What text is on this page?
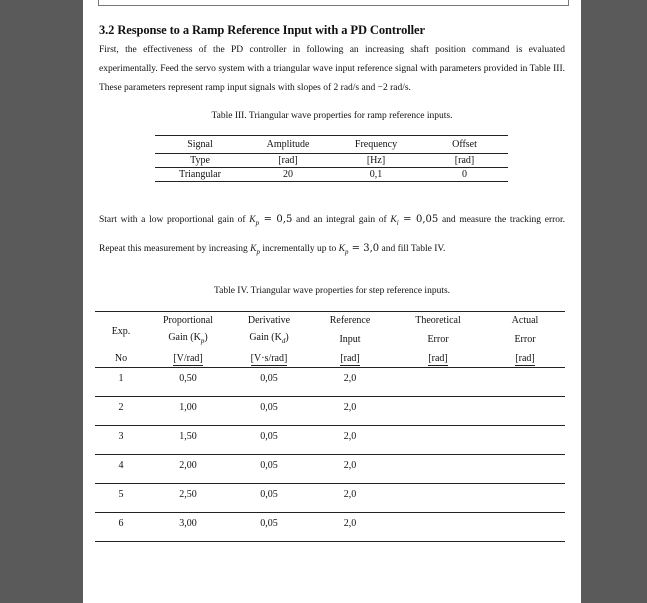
3.2 Response to a Ramp Reference Input with a PD Controller

First, the effectiveness of the PD controller in following an increasing shaft position command is evaluated experimentally. Feed the servo system with a triangular wave input reference signal with parameters provided in Table III. These parameters represent ramp input signals with slopes of 2 rad/s and −2 rad/s.

Table III. Triangular wave properties for ramp reference inputs.
Signal	Amplitude	Frequency	Offset
Type	[rad]	[Hz]	[rad]
Triangular	20	0,1	0

Start with a low proportional gain of $K_p = 0,5$ and an integral gain of $K_i = 0,05$ and measure the tracking error. Repeat this measurement by increasing $K_p$ incrementally up to $K_p = 3,0$ and fill Table IV.

Table IV. Triangular wave properties for step reference inputs.
Exp.	Proportional	Derivative	Reference	Theoretical	Actual
	Gain $(K_p)$	Gain $(K_d)$	Input	Error	Error
No	[V/rad]	[V·s/rad]	[rad]	[rad]	[rad]
1	0,50	0,05	2,0		
2	1,00	0,05	2,0		
3	1,50	0,05	2,0		
4	2,00	0,05	2,0		
5	2,50	0,05	2,0		
6	3,00	0,05	2,0		
